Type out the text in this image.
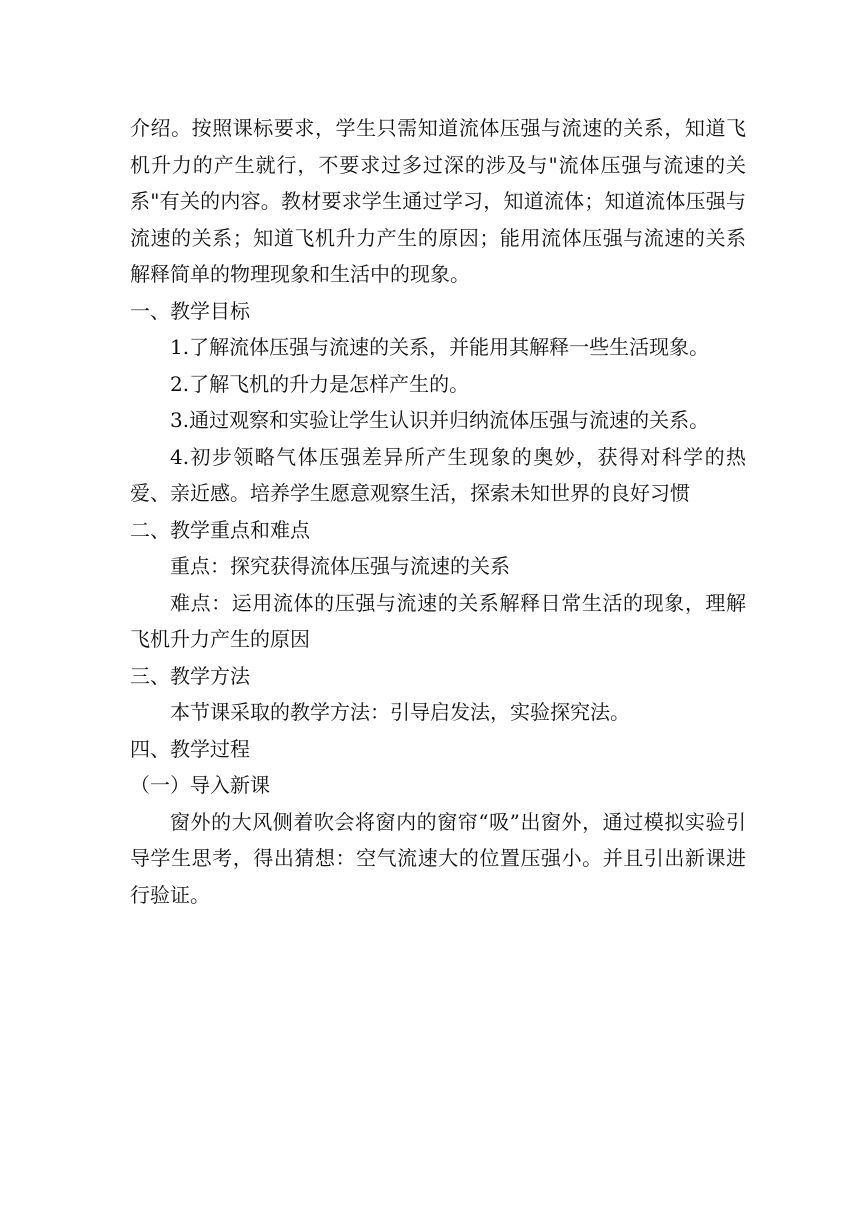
介绍。按照课标要求，学生只需知道流体压强与流速的关系，知道飞机升力的产生就行，不要求过多过深的涉及与"流体压强与流速的关系"有关的内容。教材要求学生通过学习，知道流体；知道流体压强与流速的关系；知道飞机升力产生的原因；能用流体压强与流速的关系解释简单的物理现象和生活中的现象。

一、教学目标

1.了解流体压强与流速的关系，并能用其解释一些生活现象。

2.了解飞机的升力是怎样产生的。

3.通过观察和实验让学生认识并归纳流体压强与流速的关系。

4.初步领略气体压强差异所产生现象的奥妙，获得对科学的热爱、亲近感。培养学生愿意观察生活，探索未知世界的良好习惯

二、教学重点和难点

重点：探究获得流体压强与流速的关系

难点：运用流体的压强与流速的关系解释日常生活的现象，理解飞机升力产生的原因

三、教学方法

本节课采取的教学方法：引导启发法，实验探究法。

四、教学过程

（一）导入新课

窗外的大风侧着吹会将窗内的窗帘“吸”出窗外，通过模拟实验引导学生思考，得出猜想：空气流速大的位置压强小。并且引出新课进行验证。
